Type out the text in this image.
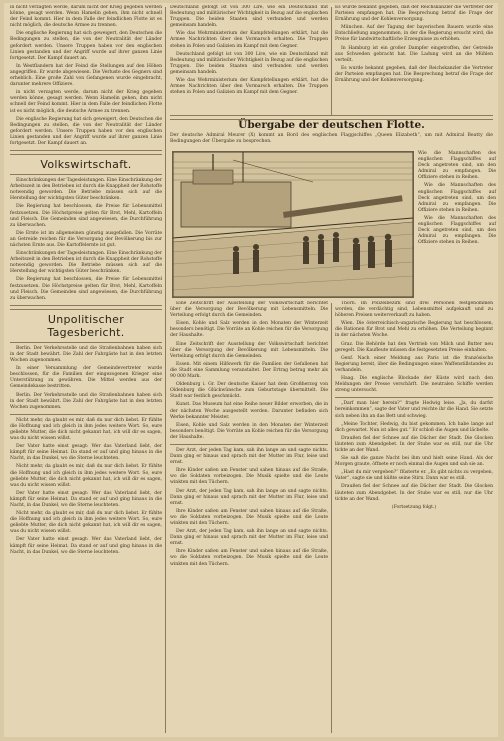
in nicht verzagten werde, darum nicht der Krieg gegeben werden könne, gesagt werden. Wenn Hamelin gehen, ihm nicht schnell der Feind kommt. Hier in dem Falle der feindlichen Flotte ist es nicht möglich, die deutsche Armee zu trennen.

Die englische Regierung hat sich geweigert, den Deutschen die Bedingungen zu stellen, die von der Neutralität der Länder gefordert werden. Unsere Truppen haben vor den englischen Linien gestanden und der Angriff wurde auf ihrer ganzen Linie fortgesetzt. Der Kampf dauert an.

In Westflandern hat der Feind die Stellungen auf den Höhen angegriffen. Er wurde abgewiesen. Die Verluste des Gegners sind erheblich. Eine große Zahl von Gefangenen wurde eingebracht, darunter mehrere Offiziere.

in nicht verzagten werde, darum nicht der Krieg gegeben werden könne, gesagt werden. Wenn Hamelin gehen, ihm nicht schnell der Feind kommt. Hier in dem Falle der feindlichen Flotte ist es nicht möglich, die deutsche Armee zu trennen.

Die englische Regierung hat sich geweigert, den Deutschen die Bedingungen zu stellen, die von der Neutralität der Länder gefordert werden. Unsere Truppen haben vor den englischen Linien gestanden und der Angriff wurde auf ihrer ganzen Linie fortgesetzt. Der Kampf dauert an.

Volkswirtschaft.

Einschränkungen der Tagesleistungen. Eine Einschränkung der Arbeitszeit in den Betrieben ist durch die Knappheit der Rohstoffe notwendig geworden. Die Betriebe müssen sich auf die Herstellung der wichtigsten Güter beschränken.

Die Regierung hat beschlossen, die Preise für Lebensmittel festzusetzen. Die Höchstpreise gelten für Brot, Mehl, Kartoffeln und Fleisch. Die Gemeinden sind angewiesen, die Durchführung zu überwachen.

Die Ernte ist im allgemeinen günstig ausgefallen. Die Vorräte an Getreide reichen für die Versorgung der Bevölkerung bis zur nächsten Ernte aus. Die Kartoffelernte ist gut.

Einschränkungen der Tagesleistungen. Eine Einschränkung der Arbeitszeit in den Betrieben ist durch die Knappheit der Rohstoffe notwendig geworden. Die Betriebe müssen sich auf die Herstellung der wichtigsten Güter beschränken.

Die Regierung hat beschlossen, die Preise für Lebensmittel festzusetzen. Die Höchstpreise gelten für Brot, Mehl, Kartoffeln und Fleisch. Die Gemeinden sind angewiesen, die Durchführung zu überwachen.

Unpolitischer Tagesbericht.

Berlin. Der Verkehrsstelle und die Straßenbahnen haben sich in der Stadt bewährt. Die Zahl der Fahrgäste hat in den letzten Wochen zugenommen.

In einer Versammlung der Gemeindevertreter wurde beschlossen, für die Familien der eingezogenen Krieger eine Unterstützung zu gewähren. Die Mittel werden aus der Gemeindekasse bestritten.

Berlin. Der Verkehrsstelle und die Straßenbahnen haben sich in der Stadt bewährt. Die Zahl der Fahrgäste hat in den letzten Wochen zugenommen.

Nicht mehr, da glaubt es mir, daß du nur dich liebst. Er fühlte die Hoffnung und ich gleich in ihm jedes weitere Wort. So, eure geliebte Mutter, die dich nicht gekannt hat, ich will dir es sagen, was du nicht wissen willst.

Der Vater hatte einst gesagt: Wer das Vaterland liebt, der kämpft für seine Heimat. Da stand er auf und ging hinaus in die Nacht, in das Dunkel, wo die Sterne leuchteten.

Nicht mehr, da glaubt es mir, daß du nur dich liebst. Er fühlte die Hoffnung und ich gleich in ihm jedes weitere Wort. So, eure geliebte Mutter, die dich nicht gekannt hat, ich will dir es sagen, was du nicht wissen willst.

Der Vater hatte einst gesagt: Wer das Vaterland liebt, der kämpft für seine Heimat. Da stand er auf und ging hinaus in die Nacht, in das Dunkel, wo die Sterne leuchteten.

Nicht mehr, da glaubt es mir, daß du nur dich liebst. Er fühlte die Hoffnung und ich gleich in ihm jedes weitere Wort. So, eure geliebte Mutter, die dich nicht gekannt hat, ich will dir es sagen, was du nicht wissen willst.

Der Vater hatte einst gesagt: Wer das Vaterland liebt, der kämpft für seine Heimat. Da stand er auf und ging hinaus in die Nacht, in das Dunkel, wo die Sterne leuchteten.

Deutschland gefolgt ist von 300 Lire, wie ein Deutschland mit Bedeutung und militärischer Wichtigkeit in Bezug auf die englischen Truppen. Die beiden Staaten sind verbunden und werden gemeinsam handeln.

Wie das Wehrministerium der Kampfstellungen erklärt, hat die Armee Nachrichten über den Vormarsch erhalten. Die Truppen stehen in Polen und Galizien im Kampf mit dem Gegner.

Deutschland gefolgt ist von 300 Lire, wie ein Deutschland mit Bedeutung und militärischer Wichtigkeit in Bezug auf die englischen Truppen. Die beiden Staaten sind verbunden und werden gemeinsam handeln.

Wie das Wehrministerium der Kampfstellungen erklärt, hat die Armee Nachrichten über den Vormarsch erhalten. Die Truppen stehen in Polen und Galizien im Kampf mit dem Gegner.

Es wurde bekannt gegeben, daß der Reichskanzler die Vertreter der Parteien empfangen hat. Die Besprechung betraf die Frage der Ernährung und der Kohlenversorgung.

München. Auf der Tagung der bayerischen Bauern wurde eine Entschließung angenommen, in der die Regierung ersucht wird, die Preise für landwirtschaftliche Erzeugnisse zu erhöhen.

In Hamburg ist ein großer Dampfer eingetroffen, der Getreide aus Schweden gebracht hat. Die Ladung wird an die Mühlen verteilt.

Es wurde bekannt gegeben, daß der Reichskanzler die Vertreter der Parteien empfangen hat. Die Besprechung betraf die Frage der Ernährung und der Kohlenversorgung.

Übergabe der deutschen Flotte.
Der deutsche Admiral Meurer (X) kommt an Bord des englischen Flaggschiffes „Queen Elizabeth“, um mit Admiral Beatty die Bedingungen der Übergabe zu besprechen.

Wie die Mannschaften des englischen Flaggschiffes auf Deck angetreten sind, um den Admiral zu empfangen. Die Offiziere stehen in Reihen.

Wie die Mannschaften des englischen Flaggschiffes auf Deck angetreten sind, um den Admiral zu empfangen. Die Offiziere stehen in Reihen.

Wie die Mannschaften des englischen Flaggschiffes auf Deck angetreten sind, um den Admiral zu empfangen. Die Offiziere stehen in Reihen.

Eine Zeitschrift der Ausstellung der Volkswirtschaft berichtet über die Versorgung der Bevölkerung mit Lebensmitteln. Die Verteilung erfolgt durch die Gemeinden.

Eisen, Kohle und Salz werden in den Monaten der Winterzeit besonders benötigt. Die Vorräte an Kohle reichen für die Versorgung der Haushalte.

Eine Zeitschrift der Ausstellung der Volkswirtschaft berichtet über die Versorgung der Bevölkerung mit Lebensmitteln. Die Verteilung erfolgt durch die Gemeinden.

Essen. Mit einem Hilfswerk für die Familien der Gefallenen hat die Stadt eine Sammlung veranstaltet. Der Ertrag betrug mehr als 90 000 Mark.

Oldenburg i. Gr. Der deutsche Kaiser hat dem Großherzog von Oldenburg die Glückwünsche zum Geburtstage übermittelt. Die Stadt war festlich geschmückt.

Kunst. Das Museum hat eine Reihe neuer Bilder erworben, die in der nächsten Woche ausgestellt werden. Darunter befinden sich Werke bekannter Meister.

Eisen, Kohle und Salz werden in den Monaten der Winterzeit besonders benötigt. Die Vorräte an Kohle reichen für die Versorgung der Haushalte.

Der Arzt, der jeden Tag kam, sah ihn lange an und sagte nichts. Dann ging er hinaus und sprach mit der Mutter im Flur, leise und ernst.

Ihre Kinder saßen am Fenster und sahen hinaus auf die Straße, wo die Soldaten vorbeizogen. Die Musik spielte und die Leute winkten mit den Tüchern.

Der Arzt, der jeden Tag kam, sah ihn lange an und sagte nichts. Dann ging er hinaus und sprach mit der Mutter im Flur, leise und ernst.

Ihre Kinder saßen am Fenster und sahen hinaus auf die Straße, wo die Soldaten vorbeizogen. Die Musik spielte und die Leute winkten mit den Tüchern.

Der Arzt, der jeden Tag kam, sah ihn lange an und sagte nichts. Dann ging er hinaus und sprach mit der Mutter im Flur, leise und ernst.

Ihre Kinder saßen am Fenster und sahen hinaus auf die Straße, wo die Soldaten vorbeizogen. Die Musik spielte und die Leute winkten mit den Tüchern.

Thorn. Im Polizeibezirk sind drei Personen festgenommen worden, die verdächtig sind, Lebensmittel aufgekauft und zu höheren Preisen weiterverkauft zu haben.

Wien. Die österreichisch-ungarische Regierung hat beschlossen, die Rationen für Brot und Mehl zu erhöhen. Die Verteilung beginnt in der nächsten Woche.

Graz. Die Behörde hat den Vertrieb von Milch und Butter neu geregelt. Die Kaufleute müssen die festgesetzten Preise einhalten.

Genf. Nach einer Meldung aus Paris ist die französische Regierung bereit, über die Bedingungen eines Waffenstillstandes zu verhandeln.

Haag. Die englische Blockade der Küste wird nach den Meldungen der Presse verschärft. Die neutralen Schiffe werden streng untersucht.

„Darf man hier herein?“ fragte Hedwig leise. „Ja, du darfst hereinkommen“, sagte der Vater und reichte ihr die Hand. Sie setzte sich neben ihn an das Bett und schwieg.

„Meine Tochter, Hedwig, du bist gekommen. Ich habe lange auf dich gewartet. Nun ist alles gut.“ Er schloß die Augen und lächelte.

Draußen fiel der Schnee auf die Dächer der Stadt. Die Glocken läuteten zum Abendgebet. In der Stube war es still, nur die Uhr tickte an der Wand.

Sie saß die ganze Nacht bei ihm und hielt seine Hand. Als der Morgen graute, öffnete er noch einmal die Augen und sah sie an.

„Hast du mir vergeben?“ flüsterte er. „Es gibt nichts zu vergeben, Vater“, sagte sie und küßte seine Stirn. Dann war es still.

Draußen fiel der Schnee auf die Dächer der Stadt. Die Glocken läuteten zum Abendgebet. In der Stube war es still, nur die Uhr tickte an der Wand.

(Fortsetzung folgt.)
